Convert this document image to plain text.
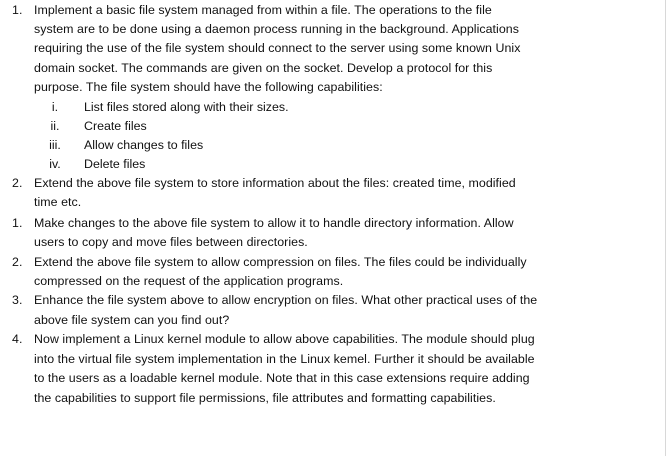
1. Implement a basic file system managed from within a file. The operations to the file
system are to be done using a daemon process running in the background. Applications
requiring the use of the file system should connect to the server using some known Unix
domain socket. The commands are given on the socket. Develop a protocol for this
purpose. The file system should have the following capabilities:
i.	List files stored along with their sizes.
ii. Create files
iii. Allow changes to files
iv. Delete files
2. Extend the above file system to store information about the files: created time, modified
time etc.
1. Make changes to the above file system to allow it to handle directory information. Allow
users to copy and move files between directories.
2. Extend the above file system to allow compression on files. The files could be individually
compressed on the request of the application programs.
3. Enhance the file system above to allow encryption on files. What other practical uses of the
above file system can you find out?
4. Now implement a Linux kernel module to allow above capabilities. The module should plug
into the virtual file system implementation in the Linux kemel. Further it should be available
to the users as a loadable kernel module. Note that in this case extensions require adding
the capabilities to support file permissions, file attributes and formatting capabilities.
